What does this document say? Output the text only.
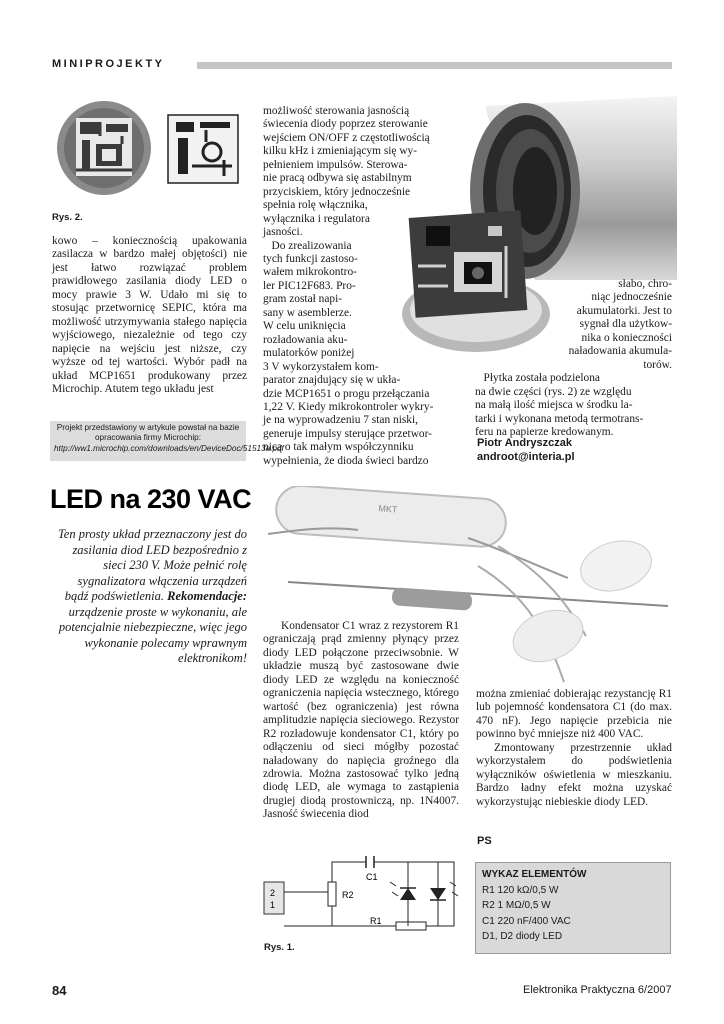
MINIPROJEKTY
Rys. 2.
kowo – koniecznością upakowania zasilacza w bardzo małej objętości) nie jest łatwo rozwiązać problem prawidłowego zasilania diody LED o mocy prawie 3 W. Udało mi się to stosując przetwornicę SEPIC, która ma możliwość utrzymywania stałego napięcia wyjściowego, niezależnie od tego czy napięcie na wejściu jest niższe, czy wyższe od tej wartości. Wybór padł na układ MCP1651 produkowany przez Microchip. Atutem tego układu jest
Projekt przedstawiony w artykule powstał na bazie opracowania firmy Microchip: http://ww1.microchip.com/downloads/en/DeviceDoc/51513a.pdf

możliwość sterowania jasnością

świecenia diody poprzez sterowanie

wejściem ON/OFF z częstotliwością

kilku kHz i zmieniającym się wy-

pełnieniem impulsów. Sterowa-

nie pracą odbywa się astabilnym

przyciskiem, który jednocześnie

spełnia rolę włącznika,

wyłącznika i regulatora

jasności.

Do zrealizowania

tych funkcji zastoso-

wałem mikrokontro-

ler PIC12F683. Pro-

gram został napi-

sany w asemblerze.

W celu uniknięcia

rozładowania aku-

mulatorków poniżej

3 V wykorzystałem kom-

parator znajdujący się w ukła-

dzie MCP1651 o progu przełączania

1,22 V. Kiedy mikrokontroler wykry-

je na wyprowadzeniu 7 stan niski,

generuje impulsy sterujące przetwor-

nicą o tak małym współczynniku

wypełnienia, że dioda świeci bardzo

słabo, chro-

niąc jednocześnie

akumulatorki. Jest to

sygnał dla użytkow-

nika o konieczności

naładowania akumula-

torów.

Płytka została podzielona

na dwie części (rys. 2) ze względu

na małą ilość miejsca w środku la-

tarki i wykonana metodą termotrans-

feru na papierze kredowanym.

Piotr Andryszczak
androot@interia.pl
LED na 230 VAC	MKT
Ten prosty układ przeznaczony jest do zasilania diod LED bezpośrednio z sieci 230 V. Może pełnić rolę sygnalizatora włączenia urządzeń bądź podświetlenia. Rekomendacje: urządzenie proste w wykonaniu, ale potencjalnie niebezpieczne, więc jego wykonanie polecamy wprawnym elektronikom!
Kondensator C1 wraz z rezystorem R1 ograniczają prąd zmienny płynący przez diody LED połączone przeciwsobnie. W układzie muszą być zastosowane dwie diody LED ze względu na konieczność ograniczenia napięcia wstecznego, którego wartość (bez ograniczenia) jest równa amplitudzie napięcia sieciowego. Rezystor R2 rozładowuje kondensator C1, który po odłączeniu od sieci mógłby pozostać naładowany do napięcia groźnego dla zdrowia. Można zastosować tylko jedną diodę LED, ale wymaga to zastąpienia drugiej diodą prostowniczą, np. 1N4007. Jasność świecenia diod

można zmieniać dobierając rezystancję R1 lub pojemność kondensatora C1 (do max. 470 nF). Jego napięcie przebicia nie powinno być mniejsze niż 400 VAC.

Zmontowany przestrzennie układ wykorzystałem do podświetlenia wyłączników oświetlenia w mieszkaniu. Bardzo ładny efekt można uzyskać wykorzystując niebieskie diody LED.

PS
2
1
C1
R1
R2
Rys. 1.
WYKAZ ELEMENTÓW
R1 120 kΩ/0,5 W
R2 1 MΩ/0,5 W
C1 220 nF/400 VAC
D1, D2 diody LED
84	Elektronika Praktyczna 6/2007
